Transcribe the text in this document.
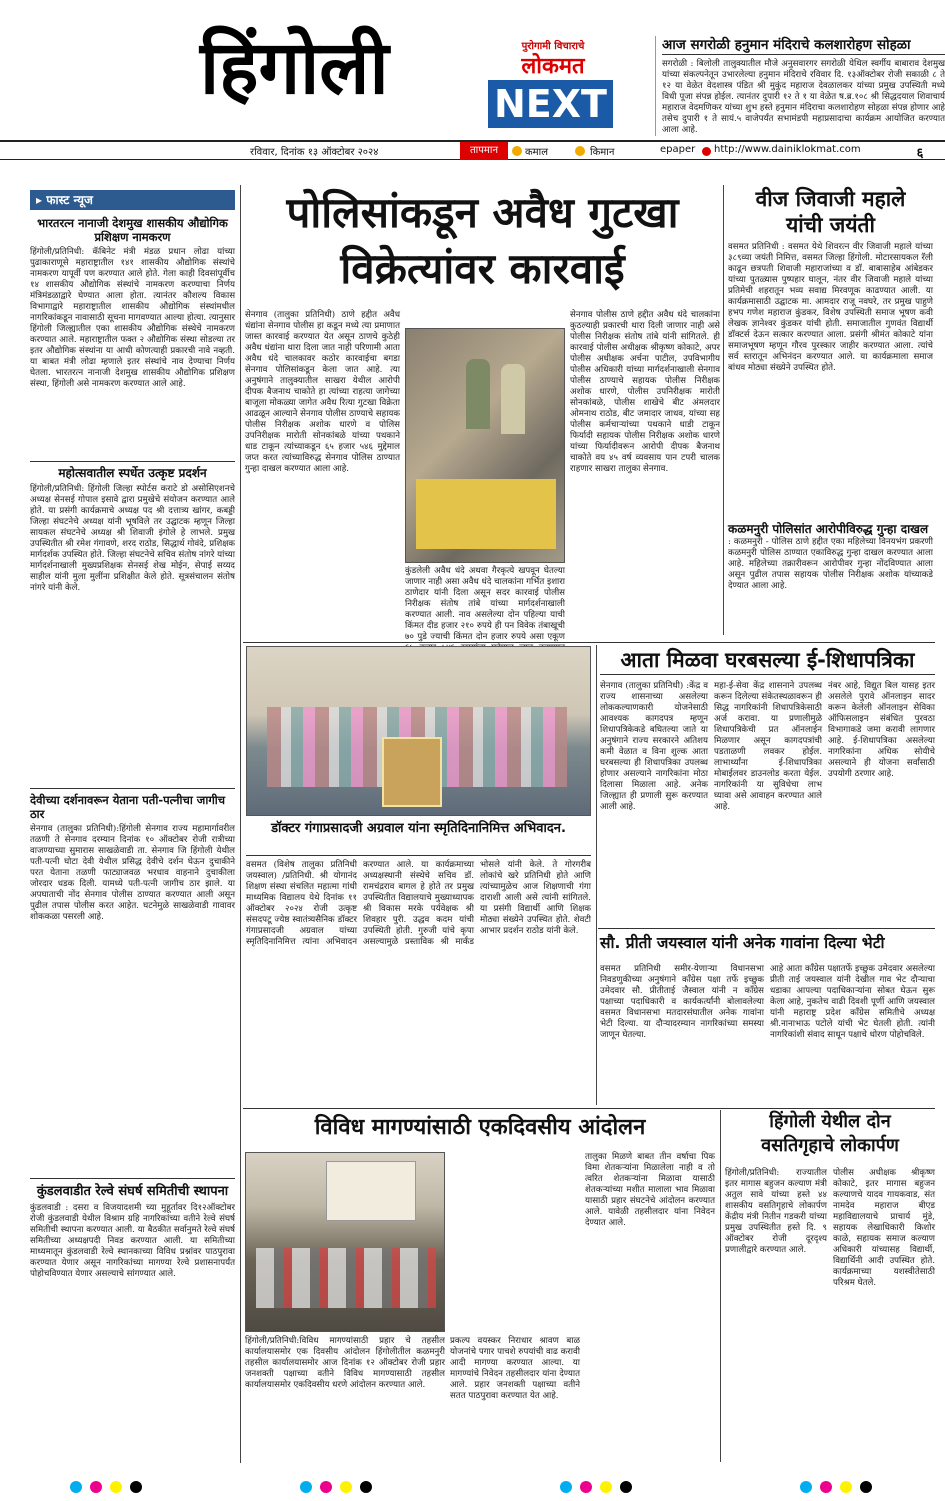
हिंगोली	पुरोगामी विचाराचे
लोकमत
NEXT
आज सगरोळी हनुमान मंदिराचे कलशारोहण सोहळा
सगरोळी : बिलोली तालुक्यातील मौजे अनुसवारगर सगरोळी येथिल स्वर्गीय बाबाराव देशमुख यांच्या संकल्पनेतून उभारलेल्या हनुमान मंदिराचे रविवार दि. १३ऑक्टोबर रोजी सकाळी ८ ते १२ या वेळेत वेदशास्त्र पंडित श्री मुकुंद महाराज देवळालकर यांच्या प्रमुख उपस्थिती मध्ये विधी पूजा संपन्न होईल. त्यानंतर दुपारी १२ ते १ या वेळेत ष.ब्र.१०८ श्री सिद्धदयाल शिवाचार्य महाराज वेदमणिकर यांच्या शुभ हस्ते हनुमान मंदिराचा कलशारोहण सोहळा संपन्न होणार आहे तसेच दुपारी १ ते सायं.५ वाजेपर्यंत सभामंडपी महाप्रसादाचा कार्यक्रम आयोजित करण्यात आला आहे.
रविवार, दिनांक १३ ऑक्टोबर २०२४	तापमान	कमाल	किमान	epaper	http://www.dainiklokmat.com	६
▸ फास्ट न्यूज
भारतरत्न नानाजी देशमुख शासकीय औद्योगिक प्रशिक्षण नामकरण
हिंगोली/प्रतिनिधी: कॅबिनेट मंत्री मंडळ प्रधान लोढा यांच्या पुढाकाराणूसे महाराष्ट्रातील १४१ शासकीय औद्योगिक संस्थांचे नामकरण यापूर्वी पण करण्यात आले होते. गेला काही दिवसांपूर्वीच १४ शासकीय औद्योगिक संस्थांचे नामकरण करण्याचा निर्णय मंत्रिमंडळाद्वारे घेण्यात आला होता. त्यानंतर कौशल्य विकास विभागाद्वारे महाराष्ट्रातील शासकीय औद्योगिक संस्थांमधील नागरिकांकडून नावासाठी सूचना मागवण्यात आल्या होत्या. त्यानुसार हिंगोली जिल्ह्यातील एका शासकीय औद्योगिक संस्थेचे नामकरण करण्यात आले. महाराष्ट्रातील फक्त २ औद्योगिक संस्था सोडल्या तर इतर औद्योगिक संस्थांना या आधी कोणत्याही प्रकारची नावे नव्हती. या बाबत मंत्री लोढा म्हणाले इतर संस्थांचे नाव देण्याचा निर्णय घेतला. भारतरत्न नानाजी देशमुख शासकीय औद्योगिक प्रशिक्षण संस्था, हिंगोली असे नामकरण करण्यात आले आहे.
महोत्सवातील स्पर्धेत उत्कृष्ट प्रदर्शन
हिंगोली/प्रतिनिधी: हिंगोली जिल्हा स्पोर्टस कराटे डो असोसिएशनचे अध्यक्ष सेनसई गोपाल इसावे द्वारा प्रमुखेचे संयोजन करण्यात आले होते. या प्रसंगी कार्यक्रमाचे अध्यक्ष पद श्री दत्तात्र्य खांगर, कबड्डी जिल्हा संघटनेचे अध्यक्ष यांनी भूषविले तर उद्घाटक म्हणून जिल्हा सायकल संघटनेचे अध्यक्ष श्री शिवाजी इंगोले हे लाभले. प्रमुख उपस्थितीत श्री रमेश गंगावणे, शरद राठोड, सिद्धार्थ गोवंदे, प्रशिक्षक मार्गदर्शक उपस्थित होते. जिल्हा संघटनेचे सचिव संतोष नांगरे यांच्या मार्गदर्शनाखाली मुख्यप्रशिक्षक सेनसई शेख मोईन, सेपाई सय्यद साहील यांनी मुला मुलींना प्रशिक्षीत केले होते. सूत्रसंचालन संतोष नांगरे यांनी केले.
देवीच्या दर्शनावरून येताना पती-पत्नीचा जागीच ठार
सेनगाव (तालुका प्रतिनिधी):हिंगोली सेनगाव राज्य महामार्गावरील तळणी ते सेनगाव दरम्यान दिनांक १० ऑक्टोबर रोजी रात्रीच्या वाजण्याच्या सुमारास साखळेवाडी ता. सेनगाव जि हिंगोली येथील पती-पत्नी घोटा देवी येथील प्रसिद्ध देवीचे दर्शन घेऊन दुचाकीने परत येताना तळणी फाट्याजवळ भरधाव वाहनाने दुचाकीला जोरदार धडक दिली. यामध्ये पती-पत्नी जागीच ठार झाले. या अपघाताची नोंद सेनगाव पोलीस ठाण्यात करण्यात आली असून पुढील तपास पोलीस करत आहेत. घटनेमुळे साखळेवाडी गावावर शोककळा पसरली आहे.
कुंडलवाडीत रेल्वे संघर्ष समितीची स्थापना
कुंडलवाडी : दसरा व विजयादशमी च्या मुहूर्तावर दि१२ऑक्टोबर रोजी कुंडलवाडी येथील विश्राम ग्रहि नागरिकांच्या वतीने रेल्वे संघर्ष समितीची स्थापना करण्यात आली. या बैठकीत सर्वानुमते रेल्वे संघर्ष समितीच्या अध्यक्षपदी निवड करण्यात आली. या समितीच्या माध्यमातून कुंडलवाडी रेल्वे स्थानकाच्या विविध प्रश्नांवर पाठपुरावा करण्यात येणार असून नागरिकांच्या मागण्या रेल्वे प्रशासनापर्यंत पोहोचविण्यात येणार असल्याचे सांगण्यात आले.
पोलिसांकडून अवैध गुटखा
विक्रेत्यांवर कारवाई
सेनगाव (तालुका प्रतिनिधी) ठाणे हद्दीत अवैध धंद्यांना सेनगाव पोलीस हा कडून मध्ये त्या प्रमाणात जास्त कारवाई करण्यात येत असून ठाणचे कुठेही अवैध धंद्यांना थारा दिला जात नाही परिणामी आता अवैध धंदे चालकावर कठोर कारवाईचा बगडा सेनगाव पोलिसांकडून केला जात आहे. त्या अनुषंगाने तालुक्यातील साखरा येथील आरोपी दीपक बैजनाथ चाकोते हा त्यांच्या राहत्या जागेच्या बाजूला मोकळ्या जागेत अवैध रित्या गुटखा विक्रेता आढळून आल्याने सेनगाव पोलीस ठाण्याचे सहायक पोलीस निरीक्षक अशोक धारणे व पोलिस उपनिरीक्षक मारोती सोनकांबळे यांच्या पथकाने धाड टाकून त्यांच्याकडून ६५ हजार ५४६ मुद्देमाल जप्त करत त्यांच्याविरुद्ध सेनगाव पोलिस ठाण्यात गुन्हा दाखल करण्यात आला आहे.
कुंडलेली अवैध धंदे अथवा गैरकृत्ये खपवून घेतल्या जाणार नाही असा अवैध धंदे चालकांना गर्भित इशारा ठाणेदार यांनी दिला असून सदर कारवाई पोलीस निरीक्षक संतोष तांबे यांच्या मार्गदर्शनाखाली करण्यात आली. नाव असलेल्या दोन पहिल्या याची किंमत दीड हजार २१० रुपये ही पन विवेक तंबाखूची ७० पुडे ज्याची किंमत दोन हजार रुपये असा एकूण
सेनगाव पोलीस ठाणे हद्दीत अवैध धंदे चालकांना कुठल्याही प्रकारची थारा दिली जाणार नाही असे पोलीस निरीक्षक संतोष तांबे यांनी सांगितले. ही कारवाई पोलीस अधीक्षक श्रीकृष्ण कोकाटे, अपर पोलीस अधीक्षक अर्चना पाटील, उपविभागीय पोलीस अधिकारी यांच्या मार्गदर्शनाखाली सेनगाव पोलीस ठाण्याचे सहायक पोलीस निरीक्षक अशोक धारणे, पोलीस उपनिरीक्षक मारोती सोनकांबळे, पोलीस शाखेचे बीट अंमलदार ओमनाथ राठोड, बीट जमादार जाधव, यांच्या सह पोलीस कर्मचाऱ्यांच्या पथकाने धाडी टाकून फिर्यादी सहायक पोलीस निरीक्षक अशोक धारणे यांच्या फिर्यादीवरून आरोपी दीपक बैजनाथ चाकोते वय ४५ वर्ष व्यवसाय पान टपरी चालक राहणार साखरा तालुका सेनगाव.
वीज जिवाजी महाले
यांची जयंती
वसमत प्रतिनिधी : वसमत येथे शिवरत्न वीर जिवाजी महाले यांच्या ३८९व्या जयंती निमित्त, वसमत जिल्हा हिंगोली. मोटारसायकल रॅली काढून छत्रपती शिवाजी महाराजांच्या व डॉ. बाबासाहेब आंबेडकर यांच्या पुतळ्यास पुष्पहार घालून, नंतर वीर जिवाजी महाले यांच्या प्रतिमेची शहरातून भव्य सवाद्य मिरवणूक काढण्यात आली. या कार्यक्रमासाठी उद्घाटक मा. आमदार राजू नवघरे, तर प्रमुख पाहुणे हभप गणेश महाराज कुंडकर, विशेष उपस्थिती समाज भूषण कवी लेखक ज्ञानेश्वर कुंडकर यांची होती. समाजातील गुणवंत विद्यार्थी डॉक्टर्स देऊन सत्कार करण्यात आला. प्रसंगी श्रीमंत कोकाटे यांना समाजभूषण म्हणून गौरव पुरस्कार जाहीर करण्यात आला. त्यांचे सर्व स्तरातून अभिनंदन करण्यात आले. या कार्यक्रमाला समाज बांधव मोठ्या संख्येने उपस्थित होते.
कळमनुरी पोलिसांत आरोपीविरुद्ध गुन्हा दाखल
: कळमनुरी - पोलिस ठाणे हद्दीत एका महिलेच्या विनयभंग प्रकरणी कळमनुरी पोलिस ठाण्यात एकाविरुद्ध गुन्हा दाखल करण्यात आला आहे. महिलेच्या तक्रारीवरून आरोपीवर गुन्हा नोंदविण्यात आला असून पुढील तपास सहायक पोलीस निरीक्षक अशोक यांच्याकडे देण्यात आला आहे.
डॉक्टर गंगाप्रसादजी अग्रवाल यांना स्मृतिदिनानिमित्त अभिवादन.
वसमत (विशेष तालुका प्रतिनिधी जयस्वाल) /प्रतिनिधी. श्री योगानंद शिक्षण संस्था संचलित महात्मा गांधी माध्यमिक विद्यालय येथे दिनांक ११ ऑक्टोबर २०२४ रोजी उत्कृष्ट संसदपटू ज्येष्ठ स्वातंत्र्यसैनिक डॉक्टर गंगाप्रसादजी अग्रवाल यांच्या स्मृतिदिनानिमित्त त्यांना अभिवादन करण्यात आले. या कार्यक्रमाच्या अध्यक्षस्थानी संस्थेचे सचिव डॉ. रामचंद्रराव बागल हे होते तर प्रमुख उपस्थितीत विद्यालयाचे मुख्याध्यापक श्री विकास मरके पर्यवेक्षक श्री शिवहार पुरी. उद्धव कदम यांची उपस्थिती होती. गुरुजी यांचे कृपा असल्यामुळे प्रस्ताविक श्री मार्कंड भोसले यांनी केले. ते गोरगरीब लोकांचे खरे प्रतिनिधी होते आणि त्यांच्यामुळेच आज शिक्षणाची गंगा दाराशी आली असे त्यांनी सांगितले. या प्रसंगी विद्यार्थी आणि शिक्षक मोठ्या संख्येने उपस्थित होते. शेवटी आभार प्रदर्शन राठोड यांनी केले.
आता मिळवा घरबसल्या ई-शिधापत्रिका
सेनगाव (तालुका प्रतिनिधी) :केंद्र व राज्य शासनाच्या असलेल्या लोककल्याणकारी योजनेसाठी आवश्यक कागदपत्र म्हणून शिधापत्रिकेकडे बघितल्या जाते या अनुषंगाने राज्य सरकारने अतिशय कमी वेळात व विना शुल्क आता घरबसल्या ही शिधापत्रिका उपलब्ध होणार असल्याने नागरिकांना मोठा दिलासा मिळाला आहे. अनेक जिल्ह्यात ही प्रणाली सुरू करण्यात आली आहे.
महा-ई-सेवा केंद्र शासनाने उपलब्ध करून दिलेल्या संकेतस्थळावरून ही सिद्ध नागरिकांनी शिधापत्रिकेसाठी अर्ज करावा. या प्रणालीमुळे शिधापत्रिकेची प्रत ऑनलाईन मिळणार असून कागदपत्रांची पडताळणी लवकर होईल. लाभार्थ्यांना ई-शिधापत्रिका मोबाईलवर डाउनलोड करता येईल. नागरिकांनी या सुविधेचा लाभ घ्यावा असे आवाहन करण्यात आले आहे.
नंबर आहे, विद्युत बिल यासह इतर असलेले पुरावे ऑनलाइन सादर करून केलेली ऑनलाइन सेविका ऑफिसलाइन संबंधित पुरवठा विभागाकडे जमा करावी लागणार आहे. ई-शिधापत्रिका असलेल्या नागरिकांना अधिक सोयीचे असल्याने ही योजना सर्वांसाठी उपयोगी ठरणार आहे.
सौ. प्रीती जयस्वाल यांनी अनेक गावांना दिल्या भेटी
वसमत प्रतिनिधी समीर-येणाऱ्या विधानसभा निवडणुकीच्या अनुषंगाने काँग्रेस पक्षा तर्फे इच्छुक उमेदवार सौ. प्रीतीताई जैस्वाल यांनी न काँग्रेस पक्षाच्या पदाधिकारी व कार्यकर्त्यांनी बोलावलेल्या वसमत विधानसभा मतदारसंघातील अनेक गावांना भेटी दिल्या. या दौऱ्यादरम्यान नागरिकांच्या समस्या जाणून घेतल्या.
आहे आता काँग्रेस पक्षातर्फे इच्छुक उमेदवार असलेल्या प्रीती ताई जयस्वाल यांनी देखील गाव भेट दौऱ्याचा धडाका आपल्या पदाधिकाऱ्यांना सोबत घेऊन सुरू केला आहे, नुकतेच वाढी दिवशी पूर्णी आणि जयस्वाल यांनी महाराष्ट्र प्रदेश काँग्रेस समितीचे अध्यक्ष श्री.नानाभाऊ पटोले यांची भेट घेतली होती. त्यांनी नागरिकांशी संवाद साधून पक्षाचे धोरण पोहोचविले.
विविध मागण्यांसाठी एकदिवसीय आंदोलन
हिंगोली/प्रतिनिधी:विविध मागण्यांसाठी प्रहार चे तहसील कार्यालयासमोर एक दिवसीय आंदोलन हिंगोलीतील कळमनुरी तहसील कार्यालयासमोर आज दिनांक १२ ऑक्टोबर रोजी प्रहार जनशक्ती पक्षाच्या वतीने विविध मागण्यासाठी तहसील कार्यालयासमोर एकदिवसीय धरणे आंदोलन करण्यात आले.
प्रकल्प वयस्कर निराधार श्रावण बाळ योजनांचे पगार पाचशे रुपयांची वाढ करावी आदी मागण्या करण्यात आल्या. या मागण्यांचे निवेदन तहसीलदार यांना देण्यात आले. प्रहार जनशक्ती पक्षाच्या वतीने सतत पाठपुरावा करण्यात येत आहे.
तालुका मिळणे बाबत तीन वर्षाचा पिक विमा शेतकऱ्यांना मिळालेला नाही व तो त्वरित शेतकऱ्यांना मिळावा यासाठी शेतकऱ्यांच्या मशीत मालाला भाव मिळावा यासाठी प्रहार संघटनेचे आंदोलन करण्यात आले. यावेळी तहसीलदार यांना निवेदन देण्यात आले.
हिंगोली येथील दोन
वसतिगृहाचे लोकार्पण
हिंगोली/प्रतिनिधी: राज्यातील इतर मागास बहुजन कल्याण मंत्री अतुल सावे यांच्या हस्ते ४४ शासकीय वसतिगृहाचे लोकार्पण केंद्रीय मंत्री नितीन गडकरी यांच्या प्रमुख उपस्थितीत हस्ते दि. ९ ऑक्टोबर रोजी दूरदृश्य प्रणालीद्वारे करण्यात आले.
पोलीस अधीक्षक श्रीकृष्ण कोकाटे, इतर मागास बहुजन कल्याणचे यादव गायकवाड, संत नामदेव महाराज बीएड महाविद्यालयाचे प्राचार्य मुंडे, सहायक लेखाधिकारी किशोर काळे, सहायक समाज कल्याण अधिकारी यांच्यासह विद्यार्थी, विद्यार्थिनी आदी उपस्थित होते. कार्यक्रमाच्या यशस्वीतेसाठी परिश्रम घेतले.
